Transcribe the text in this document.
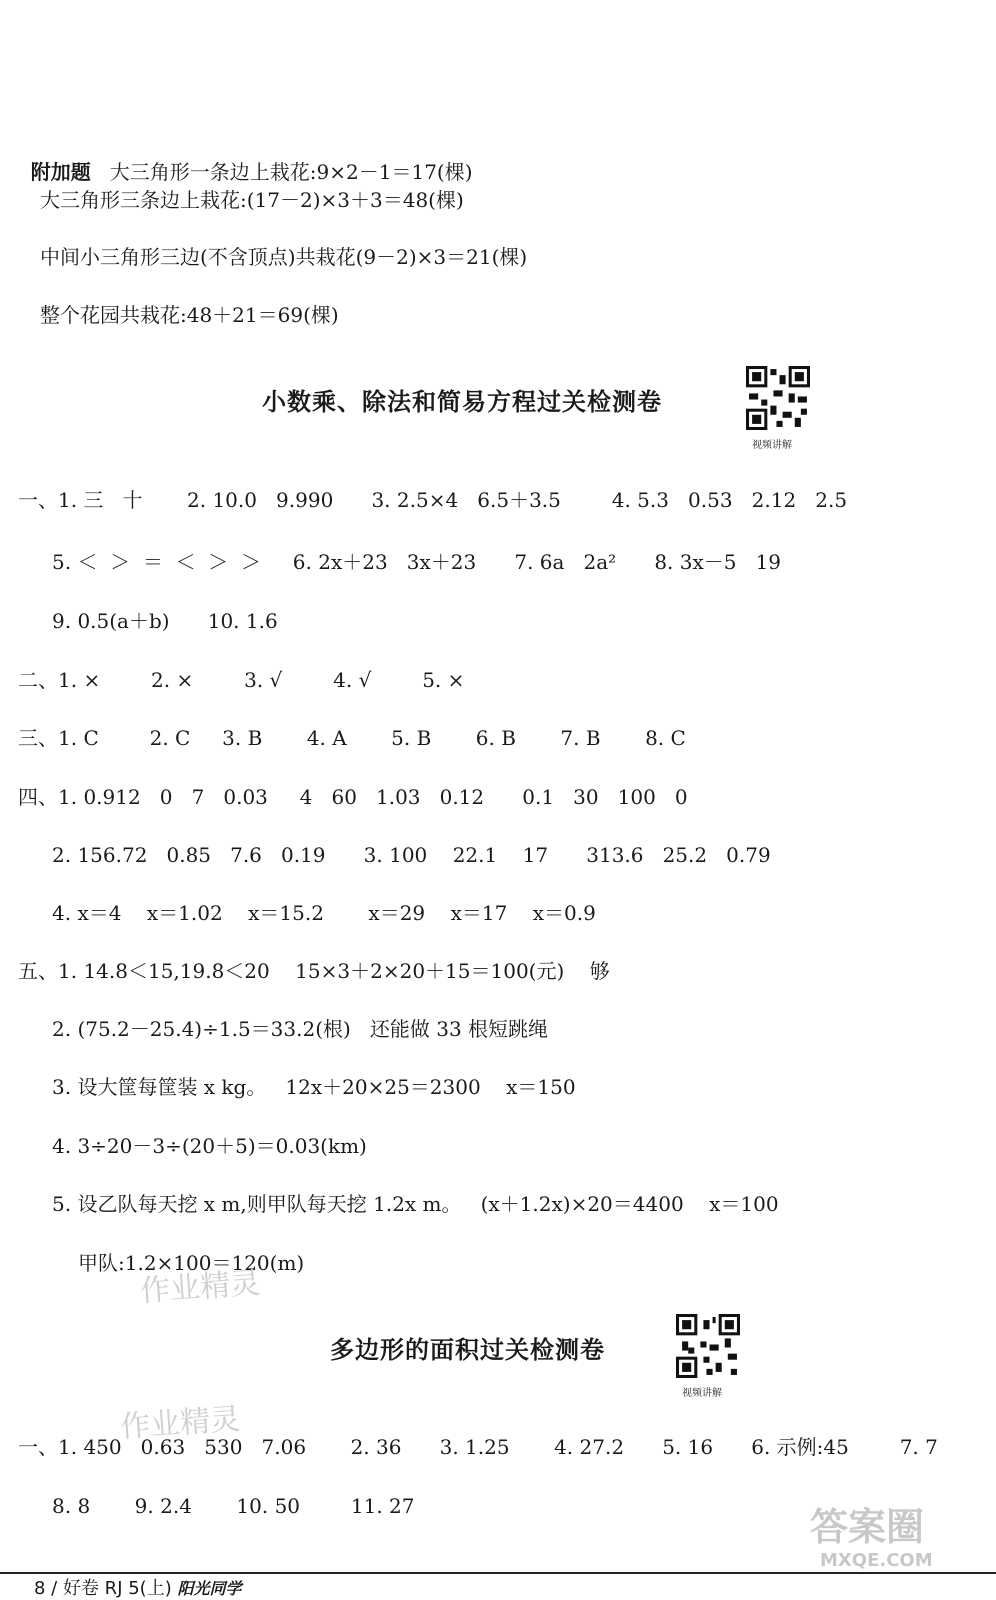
附加题 大三角形一条边上栽花:9×2－1＝17(棵)

大三角形三条边上栽花:(17－2)×3＋3＝48(棵)
中间小三角形三边(不含顶点)共栽花(9－2)×3＝21(棵)
整个花园共栽花:48＋21＝69(棵)
小数乘、除法和简易方程过关检测卷
视频讲解
一、1. 三   十       2. 10.0   9.990      3. 2.5×4   6.5＋3.5        4. 5.3   0.53   2.12   2.5
5. ＜  ＞  ＝  ＜  ＞  ＞     6. 2x＋23   3x＋23      7. 6a   2a²      8. 3x－5   19
9. 0.5(a＋b)      10. 1.6
二、1. ×        2. ×        3. √        4. √        5. ×
三、1. C        2. C     3. B       4. A       5. B       6. B       7. B       8. C
四、1. 0.912   0   7   0.03     4   60   1.03   0.12      0.1   30   100   0
2. 156.72   0.85   7.6   0.19      3. 100    22.1    17      313.6   25.2   0.79
4. x＝4    x＝1.02    x＝15.2       x＝29    x＝17    x＝0.9
五、1. 14.8＜15,19.8＜20    15×3＋2×20＋15＝100(元)    够
2. (75.2－25.4)÷1.5＝33.2(根)   还能做 33 根短跳绳
3. 设大筐每筐装 x kg。   12x＋20×25＝2300    x＝150
4. 3÷20－3÷(20＋5)＝0.03(km)
5. 设乙队每天挖 x m,则甲队每天挖 1.2x m。   (x＋1.2x)×20＝4400    x＝100
甲队:1.2×100＝120(m)
多边形的面积过关检测卷
视频讲解
一、1. 450   0.63   530   7.06       2. 36      3. 1.25       4. 27.2      5. 16      6. 示例:45        7. 7
8. 8       9. 2.4       10. 50        11. 27
作业精灵
作业精灵
答案圈
MXQE.COM
8 / 好卷 RJ 5(上) 阳光同学
